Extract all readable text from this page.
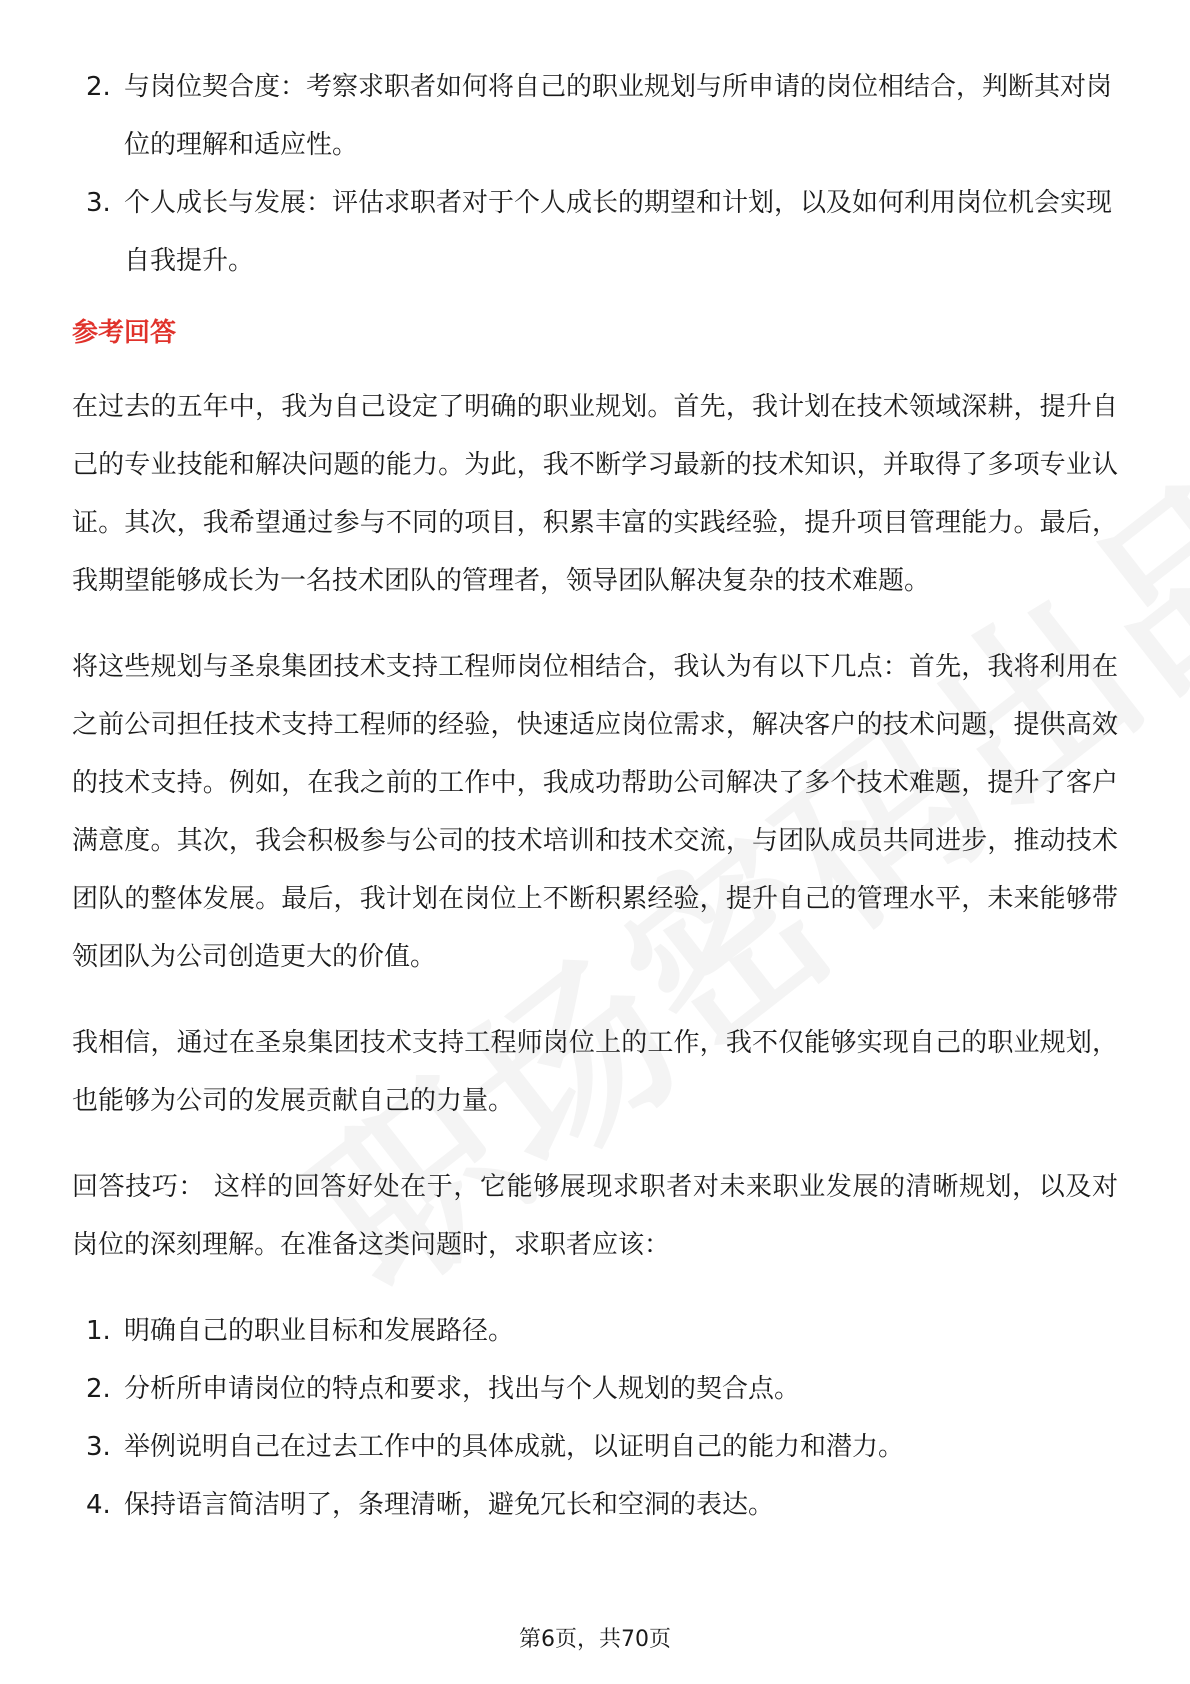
2. 与岗位契合度：考察求职者如何将自己的职业规划与所申请的岗位相结合，判断其对岗位的理解和适应性。
3. 个人成长与发展：评估求职者对于个人成长的期望和计划，以及如何利用岗位机会实现自我提升。
参考回答

在过去的五年中，我为自己设定了明确的职业规划。首先，我计划在技术领域深耕，提升自己的专业技能和解决问题的能力。为此，我不断学习最新的技术知识，并取得了多项专业认证。其次，我希望通过参与不同的项目，积累丰富的实践经验，提升项目管理能力。最后，我期望能够成长为一名技术团队的管理者，领导团队解决复杂的技术难题。

将这些规划与圣泉集团技术支持工程师岗位相结合，我认为有以下几点：首先，我将利用在之前公司担任技术支持工程师的经验，快速适应岗位需求，解决客户的技术问题，提供高效的技术支持。例如，在我之前的工作中，我成功帮助公司解决了多个技术难题，提升了客户满意度。其次，我会积极参与公司的技术培训和技术交流，与团队成员共同进步，推动技术团队的整体发展。最后，我计划在岗位上不断积累经验，提升自己的管理水平，未来能够带领团队为公司创造更大的价值。

我相信，通过在圣泉集团技术支持工程师岗位上的工作，我不仅能够实现自己的职业规划，也能够为公司的发展贡献自己的力量。

回答技巧： 这样的回答好处在于，它能够展现求职者对未来职业发展的清晰规划，以及对岗位的深刻理解。在准备这类问题时，求职者应该：

1. 明确自己的职业目标和发展路径。
2. 分析所申请岗位的特点和要求，找出与个人规划的契合点。
3. 举例说明自己在过去工作中的具体成就，以证明自己的能力和潜力。
4. 保持语言简洁明了，条理清晰，避免冗长和空洞的表达。
第6页，共70页
